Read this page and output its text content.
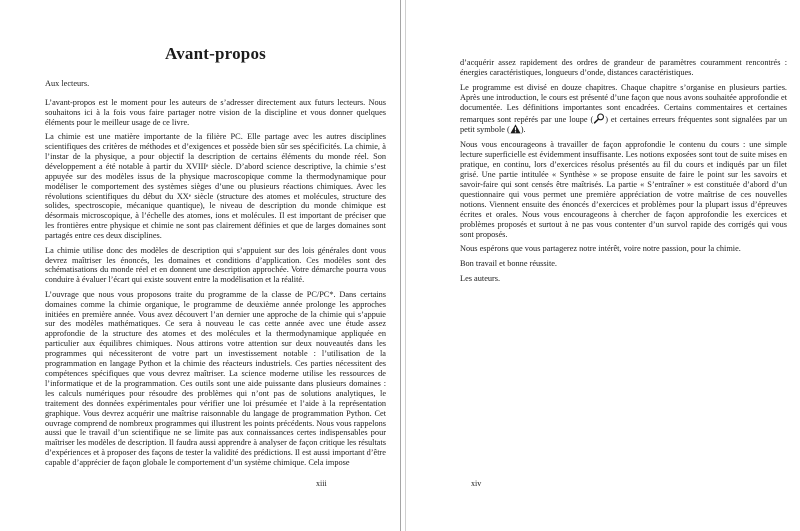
Avant-propos

Aux lecteurs.

L’avant-propos est le moment pour les auteurs de s’adresser directement aux futurs lecteurs. Nous souhaitons ici à la fois vous faire partager notre vision de la discipline et vous donner quelques éléments pour le meilleur usage de ce livre.

La chimie est une matière importante de la filière PC. Elle partage avec les autres disciplines scientifiques des critères de méthodes et d’exigences et possède bien sûr ses spécificités. La chimie, à l’instar de la physique, a pour objectif la description de certains éléments du monde réel. Son développement a été notable à partir du XVIIIᵉ siècle. D’abord science descriptive, la chimie s’est appuyée sur des modèles issus de la physique macroscopique comme la thermodynamique pour modéliser le comportement des systèmes sièges d’une ou plusieurs réactions chimiques. Avec les révolutions scientifiques du début du XXᵉ siècle (structure des atomes et molécules, structure des solides, spectroscopie, mécanique quantique), le niveau de description du monde chimique est désormais microscopique, à l’échelle des atomes, ions et molécules. Il est important de préciser que les frontières entre physique et chimie ne sont pas clairement définies et que de larges domaines sont partagés entre ces deux disciplines.

La chimie utilise donc des modèles de description qui s’appuient sur des lois générales dont vous devrez maîtriser les énoncés, les domaines et conditions d’application. Ces modèles sont des schématisations du monde réel et en donnent une description approchée. Votre démarche pourra vous conduire à évaluer l’écart qui existe souvent entre la modélisation et la réalité.

L’ouvrage que nous vous proposons traite du programme de la classe de PC/PC*. Dans certains domaines comme la chimie organique, le programme de deuxième année prolonge les approches initiées en première année. Vous avez découvert l’an dernier une approche de la chimie qui s’appuie sur des modèles mathématiques. Ce sera à nouveau le cas cette année avec une étude assez approfondie de la structure des atomes et des molécules et la thermodynamique appliquée en particulier aux équilibres chimiques. Nous attirons votre attention sur deux nouveautés dans les programmes qui nécessiteront de votre part un investissement notable : l’utilisation de la programmation en langage Python et la chimie des réacteurs industriels. Ces parties nécessitent des compétences spécifiques que vous devrez maîtriser. La science moderne utilise les ressources de l’informatique et de la programmation. Ces outils sont une aide puissante dans plusieurs domaines : les calculs numériques pour résoudre des problèmes qui n’ont pas de solutions analytiques, le traitement des données expérimentales pour vérifier une loi présumée et l’aide à la représentation graphique. Vous devrez acquérir une maîtrise raisonnable du langage de programmation Python. Cet ouvrage comprend de nombreux programmes qui illustrent les points précédents. Nous vous rappelons aussi que le travail d’un scientifique ne se limite pas aux connaissances certes indispensables pour maîtriser les modèles de description. Il faudra aussi apprendre à analyser de façon critique les résultats d’expériences et à proposer des façons de tester la validité des prédictions. Il est aussi important d’être capable d’apprécier de façon globale le comportement d’un système chimique. Cela impose

xiii

d’acquérir assez rapidement des ordres de grandeur de paramètres couramment rencontrés : énergies caractéristiques, longueurs d’onde, distances caractéristiques.

Le programme est divisé en douze chapitres. Chaque chapitre s’organise en plusieurs parties. Après une introduction, le cours est présenté d’une façon que nous avons souhaitée approfondie et documentée. Les définitions importantes sont encadrées. Certains commentaires et certaines remarques sont repérés par une loupe ( ) et certaines erreurs fréquentes sont signalées par un petit symbole ( ).

Nous vous encourageons à travailler de façon approfondie le contenu du cours : une simple lecture superficielle est évidemment insuffisante. Les notions exposées sont tout de suite mises en pratique, en continu, lors d’exercices résolus présentés au fil du cours et indiqués par un filet grisé. Une partie intitulée « Synthèse » se propose ensuite de faire le point sur les savoirs et savoir-faire qui sont censés être maîtrisés. La partie « S’entraîner » est constituée d’abord d’un questionnaire qui vous permet une première appréciation de votre maîtrise de ces nouvelles notions. Viennent ensuite des énoncés d’exercices et problèmes pour la plupart issus d’épreuves écrites et orales. Nous vous encourageons à chercher de façon approfondie les exercices et problèmes proposés et surtout à ne pas vous contenter d’un survol rapide des corrigés qui vous sont proposés.

Nous espérons que vous partagerez notre intérêt, voire notre passion, pour la chimie.

Bon travail et bonne réussite.

Les auteurs.

xiv
